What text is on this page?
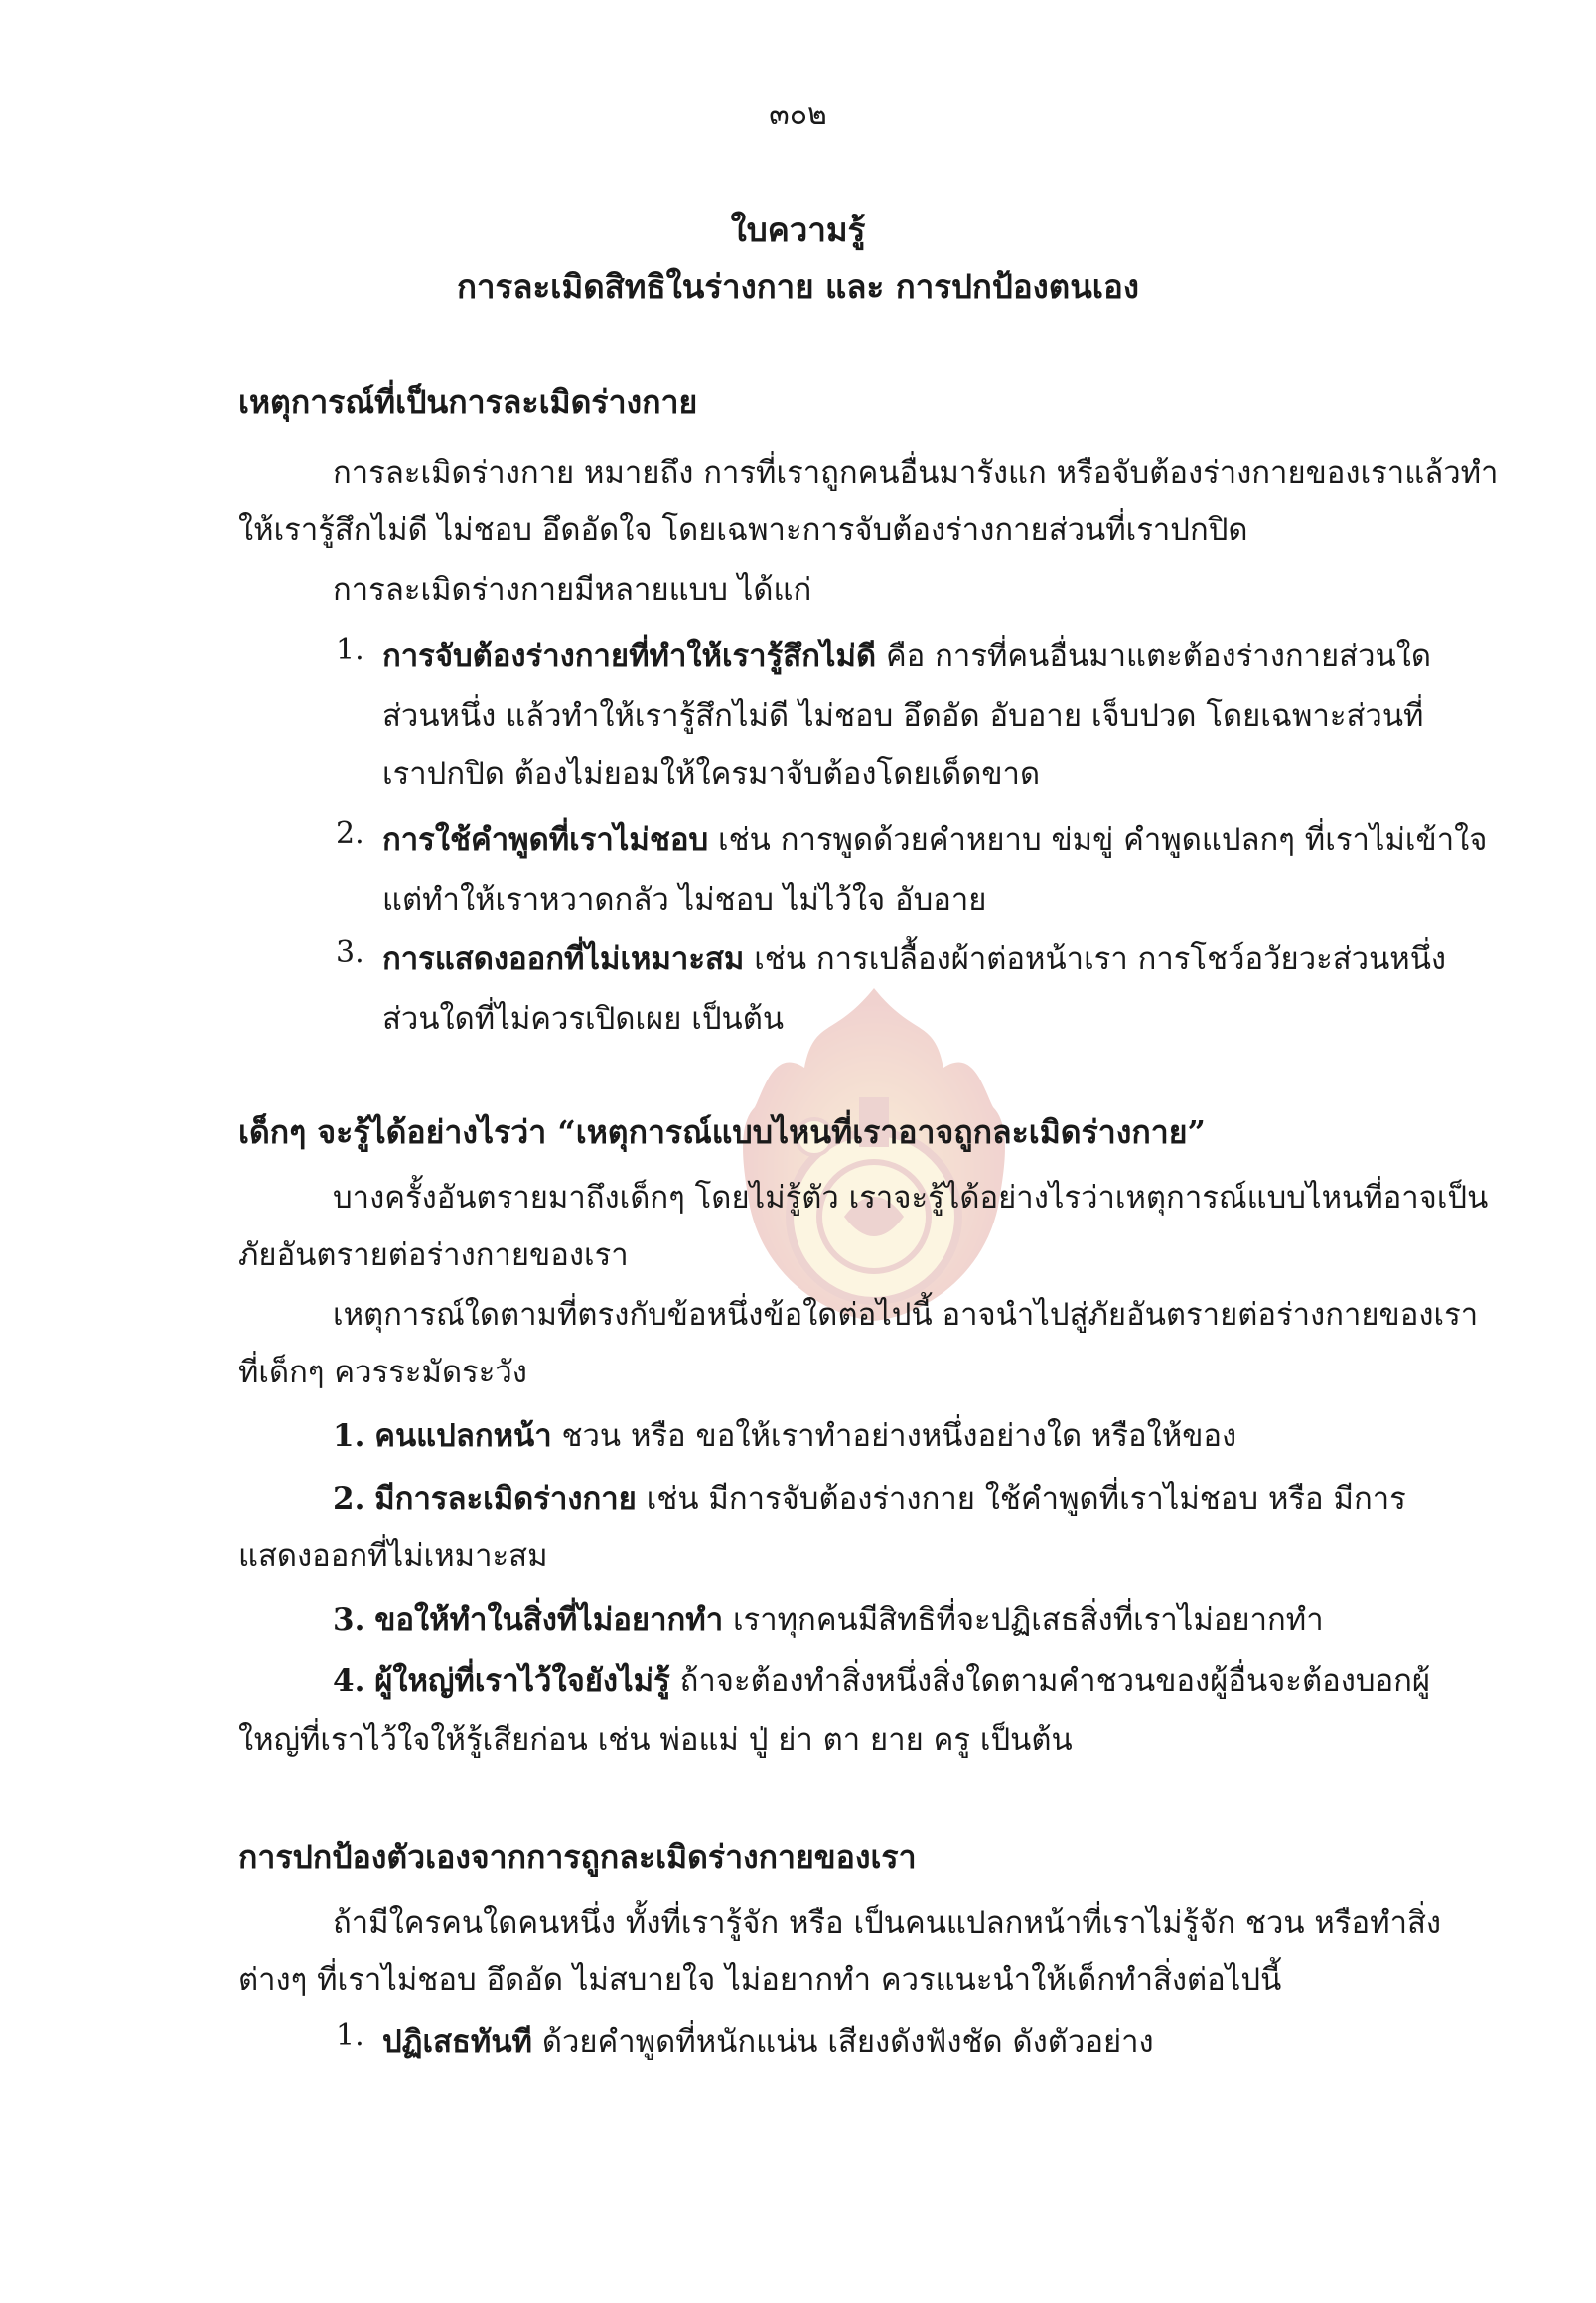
๓๐๒
ใบความรู้
การละเมิดสิทธิในร่างกาย และ การปกป้องตนเอง
เหตุการณ์ที่เป็นการละเมิดร่างกาย
การละเมิดร่างกาย หมายถึง การที่เราถูกคนอื่นมารังแก หรือจับต้องร่างกายของเราแล้วทำ
ให้เรารู้สึกไม่ดี ไม่ชอบ อึดอัดใจ โดยเฉพาะการจับต้องร่างกายส่วนที่เราปกปิด
การละเมิดร่างกายมีหลายแบบ ได้แก่
1. การจับต้องร่างกายที่ทำให้เรารู้สึกไม่ดี คือ การที่คนอื่นมาแตะต้องร่างกายส่วนใด
ส่วนหนึ่ง แล้วทำให้เรารู้สึกไม่ดี ไม่ชอบ อึดอัด อับอาย เจ็บปวด โดยเฉพาะส่วนที่
เราปกปิด ต้องไม่ยอมให้ใครมาจับต้องโดยเด็ดขาด
2. การใช้คำพูดที่เราไม่ชอบ เช่น การพูดด้วยคำหยาบ ข่มขู่ คำพูดแปลกๆ ที่เราไม่เข้าใจ
แต่ทำให้เราหวาดกลัว ไม่ชอบ ไม่ไว้ใจ อับอาย
3. การแสดงออกที่ไม่เหมาะสม เช่น การเปลื้องผ้าต่อหน้าเรา การโชว์อวัยวะส่วนหนึ่ง
ส่วนใดที่ไม่ควรเปิดเผย เป็นต้น
เด็กๆ จะรู้ได้อย่างไรว่า “เหตุการณ์แบบไหนที่เราอาจถูกละเมิดร่างกาย”
บางครั้งอันตรายมาถึงเด็กๆ โดยไม่รู้ตัว เราจะรู้ได้อย่างไรว่าเหตุการณ์แบบไหนที่อาจเป็น
ภัยอันตรายต่อร่างกายของเรา
เหตุการณ์ใดตามที่ตรงกับข้อหนึ่งข้อใดต่อไปนี้ อาจนำไปสู่ภัยอันตรายต่อร่างกายของเรา
ที่เด็กๆ ควรระมัดระวัง
1. คนแปลกหน้า ชวน หรือ ขอให้เราทำอย่างหนึ่งอย่างใด หรือให้ของ
2. มีการละเมิดร่างกาย เช่น มีการจับต้องร่างกาย ใช้คำพูดที่เราไม่ชอบ หรือ มีการ
แสดงออกที่ไม่เหมาะสม
3. ขอให้ทำในสิ่งที่ไม่อยากทำ เราทุกคนมีสิทธิที่จะปฏิเสธสิ่งที่เราไม่อยากทำ
4. ผู้ใหญ่ที่เราไว้ใจยังไม่รู้ ถ้าจะต้องทำสิ่งหนึ่งสิ่งใดตามคำชวนของผู้อื่นจะต้องบอกผู้
ใหญ่ที่เราไว้ใจให้รู้เสียก่อน เช่น พ่อแม่ ปู่ ย่า ตา ยาย ครู เป็นต้น
การปกป้องตัวเองจากการถูกละเมิดร่างกายของเรา
ถ้ามีใครคนใดคนหนึ่ง ทั้งที่เรารู้จัก หรือ เป็นคนแปลกหน้าที่เราไม่รู้จัก ชวน หรือทำสิ่ง
ต่างๆ ที่เราไม่ชอบ อึดอัด ไม่สบายใจ ไม่อยากทำ ควรแนะนำให้เด็กทำสิ่งต่อไปนี้
1. ปฏิเสธทันที ด้วยคำพูดที่หนักแน่น เสียงดังฟังชัด ดังตัวอย่าง
